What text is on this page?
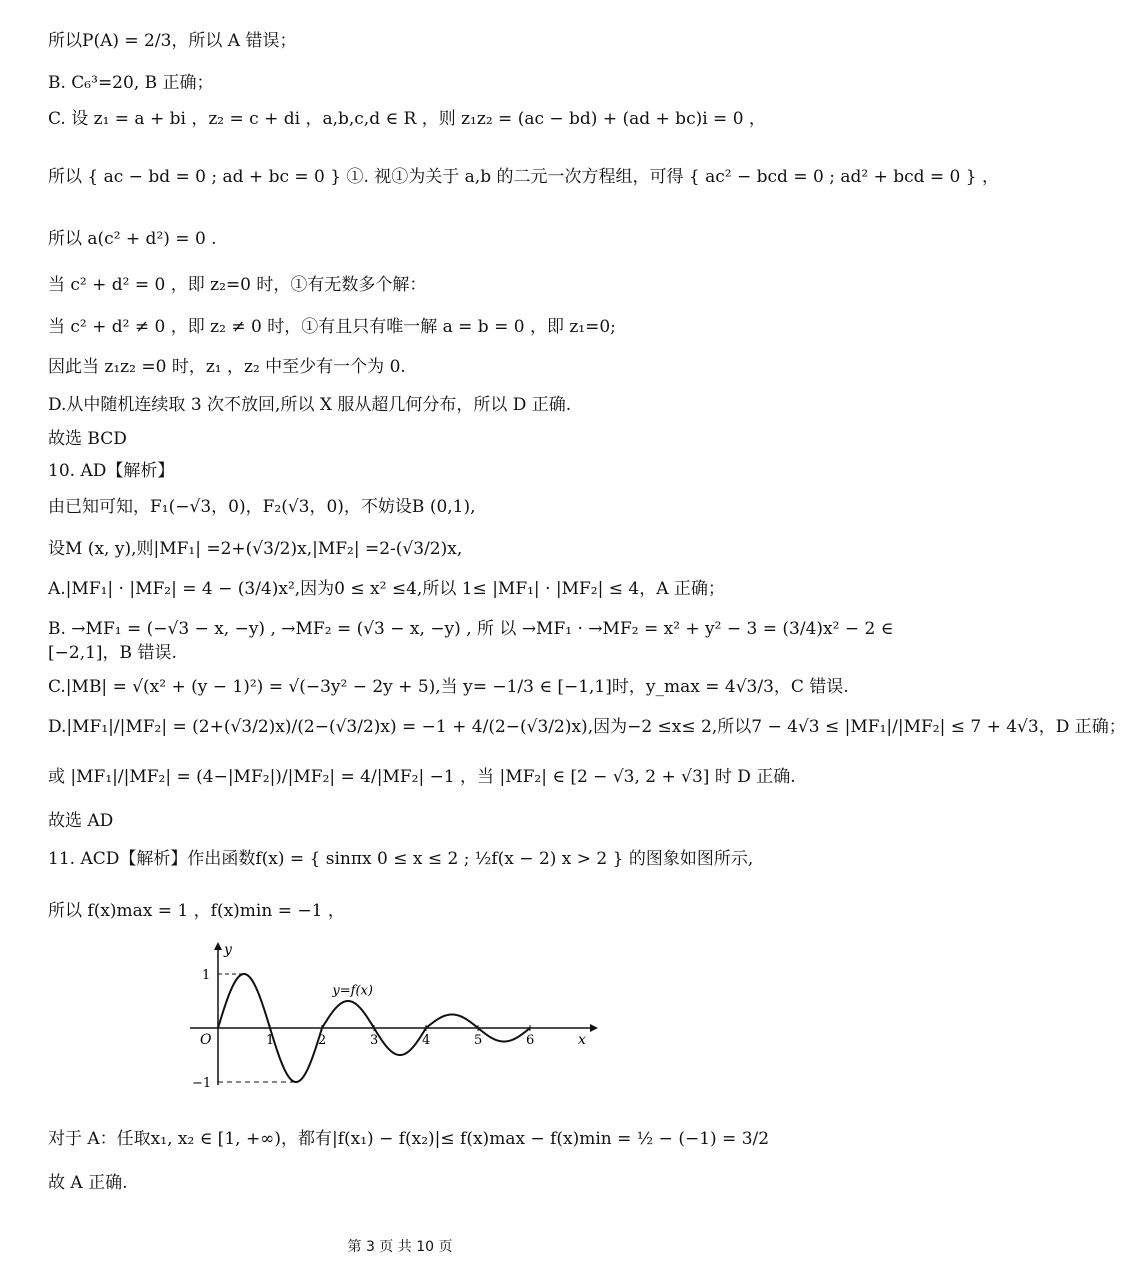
所以P(A) = 2/3，所以 A 错误；
B. C₆³=20, B 正确；
C. 设 z₁ = a + bi ，z₂ = c + di ，a,b,c,d ∈ R ，则 z₁z₂ = (ac − bd) + (ad + bc)i = 0 ，
所以 { ac − bd = 0 ; ad + bc = 0 } ①. 视①为关于 a,b 的二元一次方程组，可得 { ac² − bcd = 0 ; ad² + bcd = 0 } ，
所以 a(c² + d²) = 0 .
当 c² + d² = 0 ，即 z₂=0 时，①有无数多个解：
当 c² + d² ≠ 0 ，即 z₂ ≠ 0 时，①有且只有唯一解 a = b = 0 ，即 z₁=0;
因此当 z₁z₂ =0 时，z₁ ，z₂ 中至少有一个为 0.
D.从中随机连续取 3 次不放回,所以 X 服从超几何分布，所以 D 正确.
故选 BCD
10. AD【解析】
由已知可知，F₁(−√3，0)，F₂(√3，0)，不妨设B (0,1),
设M (x, y),则|MF₁| =2+(√3/2)x,|MF₂| =2-(√3/2)x,
A.|MF₁| · |MF₂| = 4 − (3/4)x²,因为0 ≤ x² ≤4,所以 1≤ |MF₁| · |MF₂| ≤ 4，A 正确；
B. →MF₁ = (−√3 − x, −y) , →MF₂ = (√3 − x, −y) , 所 以 →MF₁ · →MF₂ = x² + y² − 3 = (3/4)x² − 2 ∈
[−2,1]，B 错误.
C.|MB| = √(x² + (y − 1)²) = √(−3y² − 2y + 5),当 y= −1/3 ∈ [−1,1]时，y_max = 4√3/3，C 错误.
D.|MF₁|/|MF₂| = (2+(√3/2)x)/(2−(√3/2)x) = −1 + 4/(2−(√3/2)x),因为−2 ≤x≤ 2,所以7 − 4√3 ≤ |MF₁|/|MF₂| ≤ 7 + 4√3，D 正确；
或 |MF₁|/|MF₂| = (4−|MF₂|)/|MF₂| = 4/|MF₂| −1 ，当 |MF₂| ∈ [2 − √3, 2 + √3] 时 D 正确.
故选 AD
11. ACD【解析】作出函数f(x) = { sinπx 0 ≤ x ≤ 2 ; ½f(x − 2) x > 2 } 的图象如图所示,
所以 f(x)max = 1 ，f(x)min = −1 ，
x
y
O	1	2	3	4	5	6
1
−1
y=f(x)
对于 A：任取x₁, x₂ ∈ [1, +∞)，都有|f(x₁) − f(x₂)|≤ f(x)max − f(x)min = ½ − (−1) = 3/2
故 A 正确.
第 3 页 共 10 页
